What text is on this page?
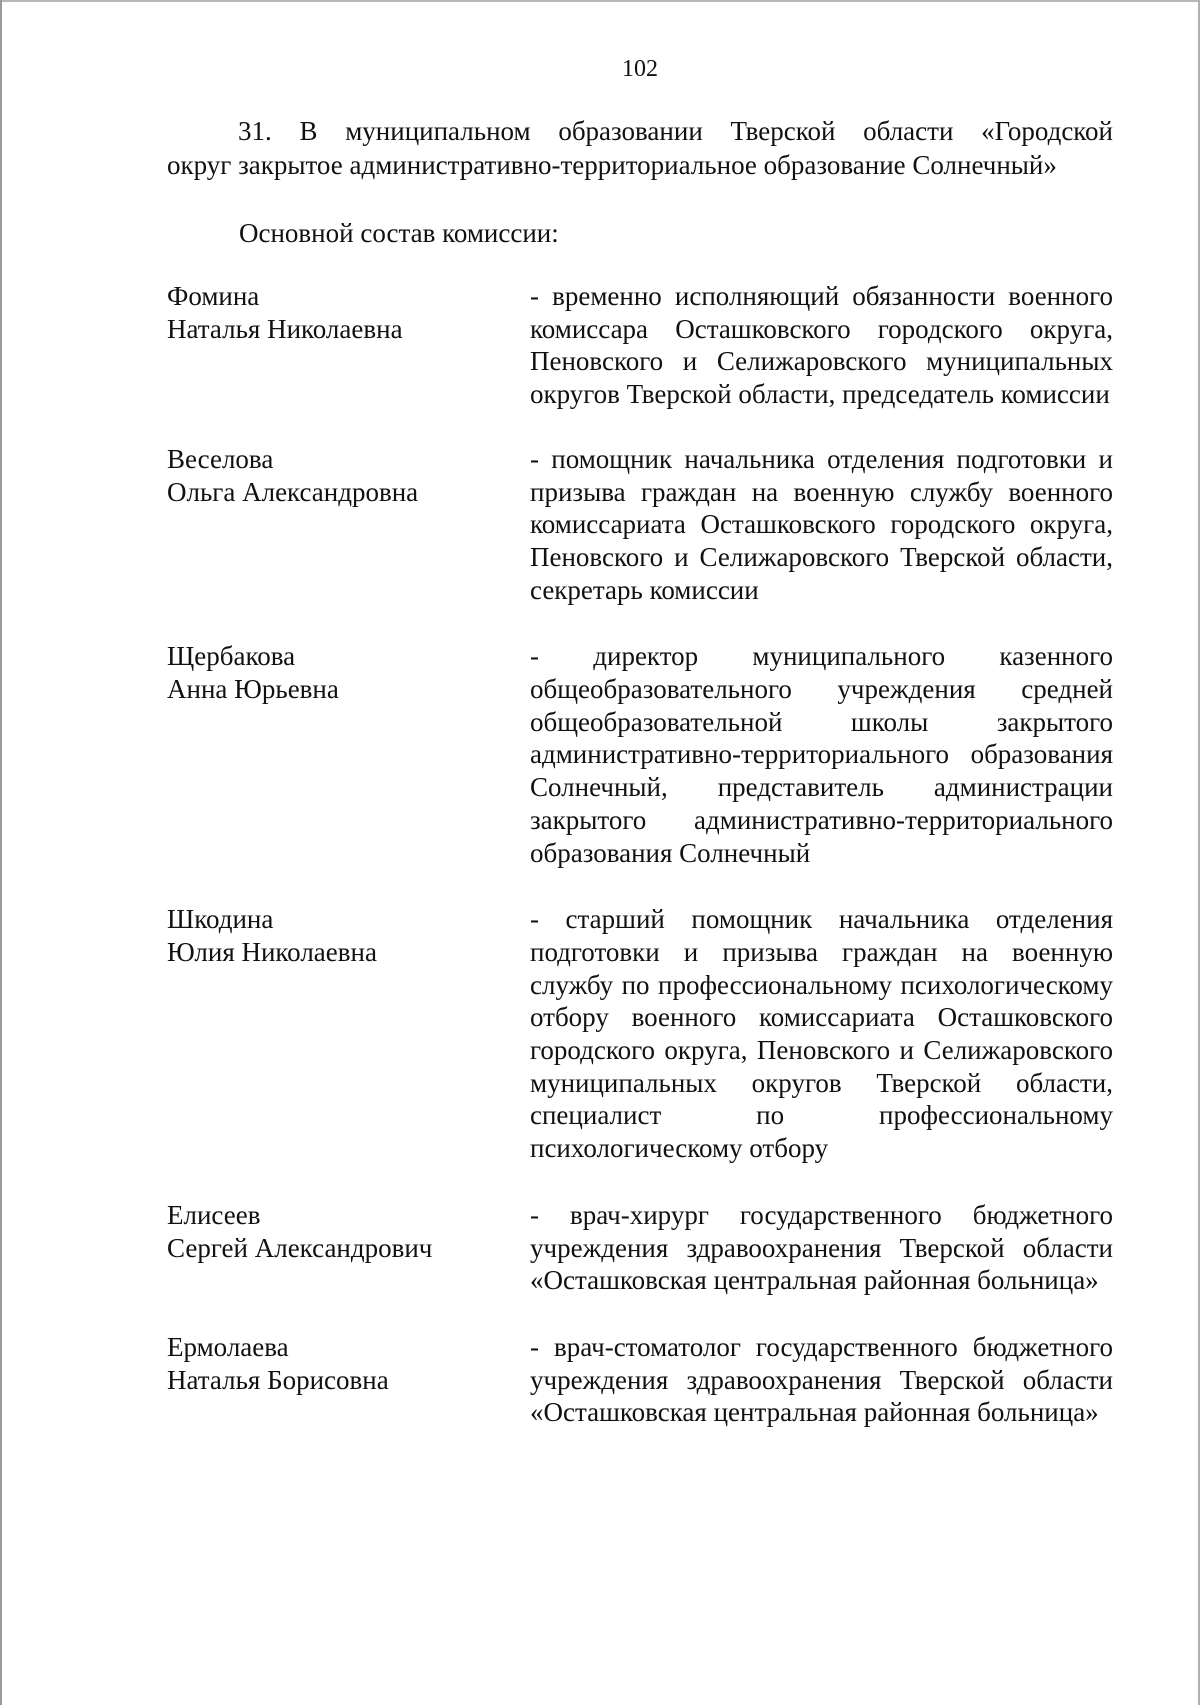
102
31. В муниципальном образовании Тверской области «Городской
округ закрытое административно-территориальное образование Солнечный»
Основной состав комиссии:
Фомина
Наталья Николаевна
- временно исполняющий обязанности военного комиссара Осташковского городского округа, Пеновского и Селижаровского муниципальных округов Тверской области, председатель комиссии
Веселова
Ольга Александровна
- помощник начальника отделения подготовки и призыва граждан на военную службу военного комиссариата Осташковского городского округа, Пеновского и Селижаровского Тверской области, секретарь комиссии
Щербакова
Анна Юрьевна
- директор муниципального казенного общеобразовательного учреждения средней общеобразовательной школы закрытого административно-территориального образования Солнечный, представитель администрации закрытого административно-территориального образования Солнечный
Шкодина
Юлия Николаевна
- старший помощник начальника отделения подготовки и призыва граждан на военную службу по профессиональному психологическому отбору военного комиссариата Осташковского городского округа, Пеновского и Селижаровского муниципальных округов Тверской области, специалист по профессиональному психологическому отбору
Елисеев
Сергей Александрович
- врач-хирург государственного бюджетного учреждения здравоохранения Тверской области «Осташковская центральная районная больница»
Ермолаева
Наталья Борисовна
- врач-стоматолог государственного бюджетного учреждения здравоохранения Тверской области «Осташковская центральная районная больница»
